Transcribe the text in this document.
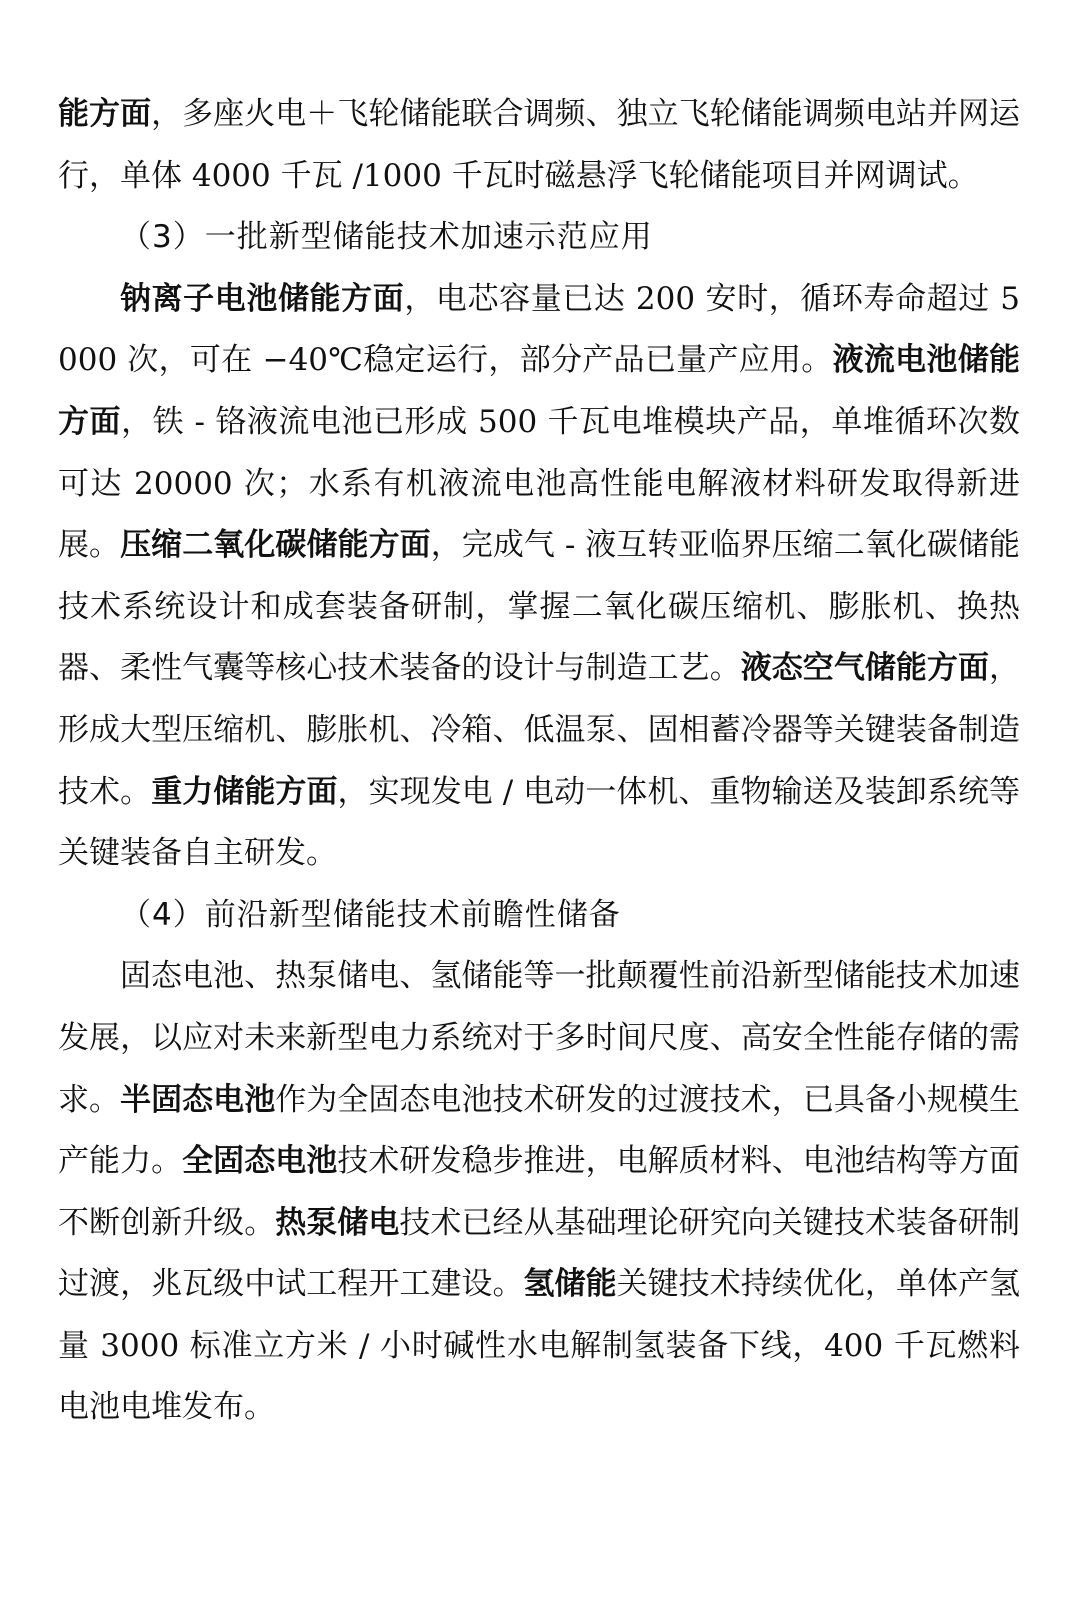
能方面，多座火电＋飞轮储能联合调频、独立飞轮储能调频电站并网运行，单体 4000 千瓦 /1000 千瓦时磁悬浮飞轮储能项目并网调试。

（3）一批新型储能技术加速示范应用

钠离子电池储能方面，电芯容量已达 200 安时，循环寿命超过 5000 次，可在 −40℃稳定运行，部分产品已量产应用。液流电池储能方面，铁 - 铬液流电池已形成 500 千瓦电堆模块产品，单堆循环次数可达 20000 次；水系有机液流电池高性能电解液材料研发取得新进展。压缩二氧化碳储能方面，完成气 - 液互转亚临界压缩二氧化碳储能技术系统设计和成套装备研制，掌握二氧化碳压缩机、膨胀机、换热器、柔性气囊等核心技术装备的设计与制造工艺。液态空气储能方面，形成大型压缩机、膨胀机、冷箱、低温泵、固相蓄冷器等关键装备制造技术。重力储能方面，实现发电 / 电动一体机、重物输送及装卸系统等关键装备自主研发。

（4）前沿新型储能技术前瞻性储备

固态电池、热泵储电、氢储能等一批颠覆性前沿新型储能技术加速发展，以应对未来新型电力系统对于多时间尺度、高安全性能存储的需求。半固态电池作为全固态电池技术研发的过渡技术，已具备小规模生产能力。全固态电池技术研发稳步推进，电解质材料、电池结构等方面不断创新升级。热泵储电技术已经从基础理论研究向关键技术装备研制过渡，兆瓦级中试工程开工建设。氢储能关键技术持续优化，单体产氢量 3000 标准立方米 / 小时碱性水电解制氢装备下线，400 千瓦燃料电池电堆发布。
